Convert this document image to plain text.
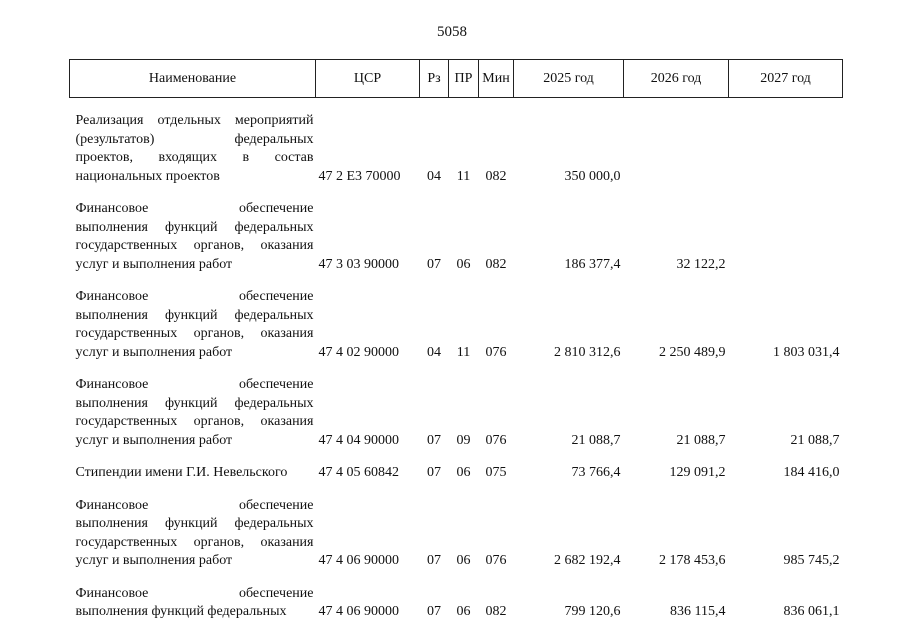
5058
Наименование	ЦСР	Рз	ПР	Мин	2025 год	2026 год	2027 год

Реализация отдельных мероприятий
(результатов) федеральных
проектов, входящих в состав
национальных проектов	47 2 Е3 70000	04	11	082	350 000,0		

Финансовое обеспечение
выполнения функций федеральных
государственных органов, оказания
услуг и выполнения работ	47 3 03 90000	07	06	082	186 377,4	32 122,2	

Финансовое обеспечение
выполнения функций федеральных
государственных органов, оказания
услуг и выполнения работ	47 4 02 90000	04	11	076	2 810 312,6	2 250 489,9	1 803 031,4

Финансовое обеспечение
выполнения функций федеральных
государственных органов, оказания
услуг и выполнения работ	47 4 04 90000	07	09	076	21 088,7	21 088,7	21 088,7

Стипендии имени Г.И. Невельского	47 4 05 60842	07	06	075	73 766,4	129 091,2	184 416,0

Финансовое обеспечение
выполнения функций федеральных
государственных органов, оказания
услуг и выполнения работ	47 4 06 90000	07	06	076	2 682 192,4	2 178 453,6	985 745,2

Финансовое обеспечение
выполнения функций федеральных	47 4 06 90000	07	06	082	799 120,6	836 115,4	836 061,1
